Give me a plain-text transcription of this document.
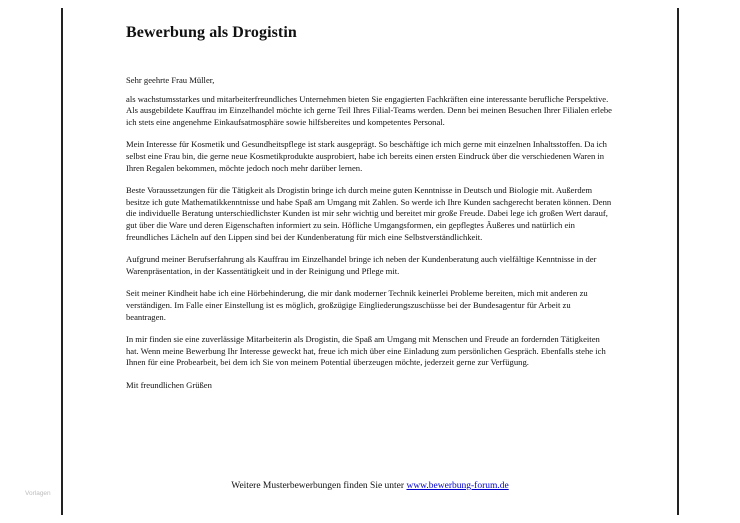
Bewerbung als Drogistin

Sehr geehrte Frau Müller,

als wachstumsstarkes und mitarbeiterfreundliches Unternehmen bieten Sie engagierten Fachkräften eine interessante berufliche Perspektive. Als ausgebildete Kauffrau im Einzelhandel möchte ich gerne Teil Ihres Filial-Teams werden. Denn bei meinen Besuchen Ihrer Filialen erlebe ich stets eine angenehme Einkaufsatmosphäre sowie hilfsbereites und kompetentes Personal.

Mein Interesse für Kosmetik und Gesundheitspflege ist stark ausgeprägt. So beschäftige ich mich gerne mit einzelnen Inhaltsstoffen. Da ich selbst eine Frau bin, die gerne neue Kosmetikprodukte ausprobiert, habe ich bereits einen ersten Eindruck über die verschiedenen Waren in Ihren Regalen bekommen, möchte jedoch noch mehr darüber lernen.

Beste Voraussetzungen für die Tätigkeit als Drogistin bringe ich durch meine guten Kenntnisse in Deutsch und Biologie mit. Außerdem besitze ich gute Mathematikkenntnisse und habe Spaß am Umgang mit Zahlen. So werde ich Ihre Kunden sachgerecht beraten können. Denn die individuelle Beratung unterschiedlichster Kunden ist mir sehr wichtig und bereitet mir große Freude. Dabei lege ich großen Wert darauf, gut über die Ware und deren Eigenschaften informiert zu sein. Höfliche Umgangsformen, ein gepflegtes Äußeres und natürlich ein freundliches Lächeln auf den Lippen sind bei der Kundenberatung für mich eine Selbstverständlichkeit.

Aufgrund meiner Berufserfahrung als Kauffrau im Einzelhandel bringe ich neben der Kundenberatung auch vielfältige Kenntnisse in der Warenpräsentation, in der Kassentätigkeit und in der Reinigung und Pflege mit.

Seit meiner Kindheit habe ich eine Hörbehinderung, die mir dank moderner Technik keinerlei Probleme bereiten, mich mit anderen zu verständigen. Im Falle einer Einstellung ist es möglich, großzügige Eingliederungszuschüsse bei der Bundesagentur für Arbeit zu beantragen.

In mir finden sie eine zuverlässige Mitarbeiterin als Drogistin, die Spaß am Umgang mit Menschen und Freude an fordernden Tätigkeiten hat. Wenn meine Bewerbung Ihr Interesse geweckt hat, freue ich mich über eine Einladung zum persönlichen Gespräch. Ebenfalls stehe ich Ihnen für eine Probearbeit, bei dem ich Sie von meinem Potential überzeugen möchte, jederzeit gerne zur Verfügung.

Mit freundlichen Grüßen

Weitere Musterbewerbungen finden Sie unter www.bewerbung-forum.de
Vorlagen
